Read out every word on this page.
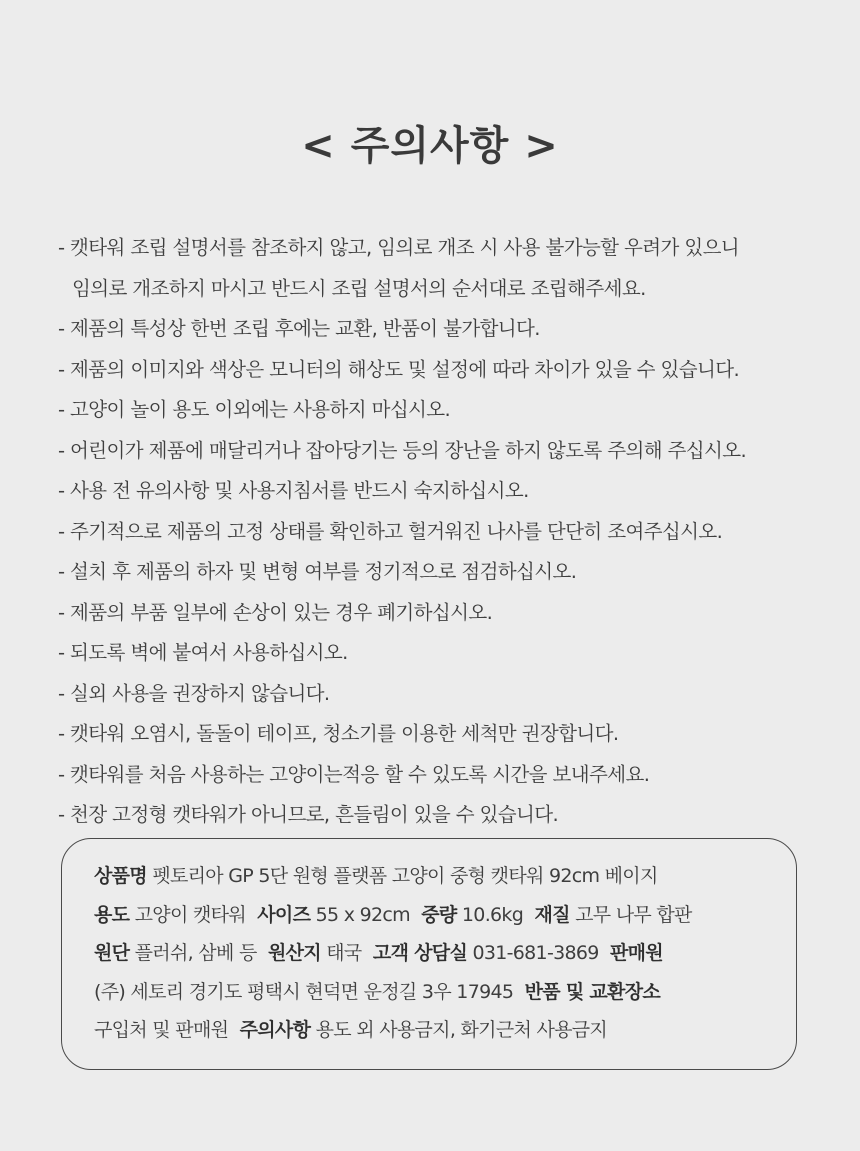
< 주의사항 >
- 캣타워 조립 설명서를 참조하지 않고, 임의로 개조 시 사용 불가능할 우려가 있으니
임의로 개조하지 마시고 반드시 조립 설명서의 순서대로 조립해주세요.
- 제품의 특성상 한번 조립 후에는 교환, 반품이 불가합니다.
- 제품의 이미지와 색상은 모니터의 해상도 및 설정에 따라 차이가 있을 수 있습니다.
- 고양이 놀이 용도 이외에는 사용하지 마십시오.
- 어린이가 제품에 매달리거나 잡아당기는 등의 장난을 하지 않도록 주의해 주십시오.
- 사용 전 유의사항 및 사용지침서를 반드시 숙지하십시오.
- 주기적으로 제품의 고정 상태를 확인하고 헐거워진 나사를 단단히 조여주십시오.
- 설치 후 제품의 하자 및 변형 여부를 정기적으로 점검하십시오.
- 제품의 부품 일부에 손상이 있는 경우 폐기하십시오.
- 되도록 벽에 붙여서 사용하십시오.
- 실외 사용을 권장하지 않습니다.
- 캣타워 오염시, 돌돌이 테이프, 청소기를 이용한 세척만 권장합니다.
- 캣타워를 처음 사용하는 고양이는적응 할 수 있도록 시간을 보내주세요.
- 천장 고정형 캣타워가 아니므로, 흔들림이 있을 수 있습니다.
상품명 펫토리아 GP 5단 원형 플랫폼 고양이 중형 캣타워 92cm 베이지
용도 고양이 캣타워 사이즈 55 x 92cm 중량 10.6kg 재질 고무 나무 합판
원단 플러쉬, 삼베 등 원산지 태국 고객 상담실 031-681-3869 판매원
(주) 세토리 경기도 평택시 현덕면 운정길 3우 17945 반품 및 교환장소
구입처 및 판매원 주의사항 용도 외 사용금지, 화기근처 사용금지
